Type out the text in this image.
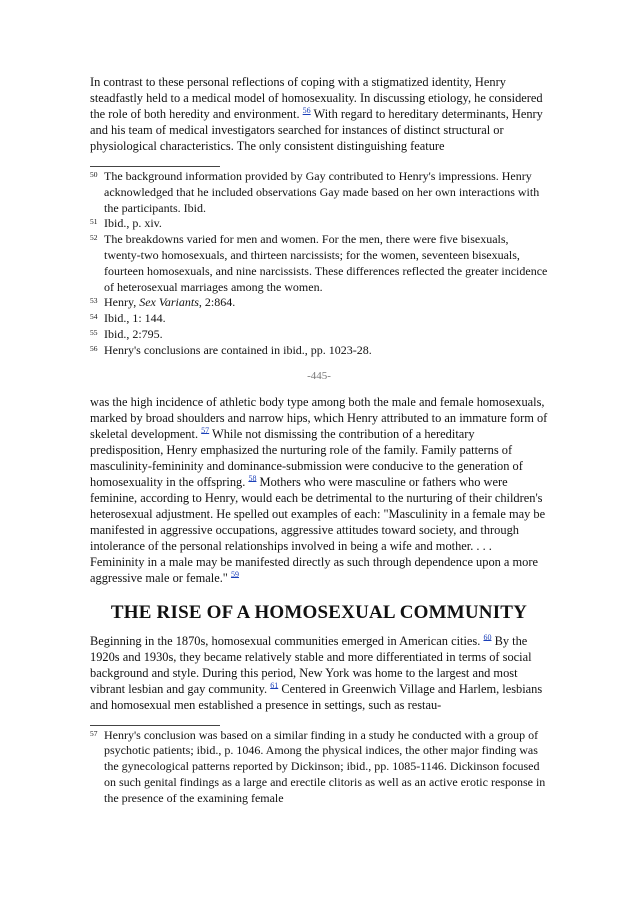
In contrast to these personal reflections of coping with a stigmatized identity, Henry steadfastly held to a medical model of homosexuality. In discussing etiology, he considered the role of both heredity and environment. $^{56}$ With regard to hereditary determinants, Henry and his team of medical investigators searched for instances of distinct structural or physiological characteristics. The only consistent distinguishing feature

50 The background information provided by Gay contributed to Henry's impressions. Henry acknowledged that he included observations Gay made based on her own interactions with the participants. Ibid.
51 Ibid., p. xiv.
52 The breakdowns varied for men and women. For the men, there were five bisexuals, twenty-two homosexuals, and thirteen narcissists; for the women, seventeen bisexuals, fourteen homosexuals, and nine narcissists. These differences reflected the greater incidence of heterosexual marriages among the women.
53 Henry, Sex Variants, 2:864.
54 Ibid., 1: 144.
55 Ibid., 2:795.
56 Henry's conclusions are contained in ibid., pp. 1023-28.
-445-

was the high incidence of athletic body type among both the male and female homosexuals, marked by broad shoulders and narrow hips, which Henry attributed to an immature form of skeletal development. $^{57}$ While not dismissing the contribution of a hereditary predisposition, Henry emphasized the nurturing role of the family. Family patterns of masculinity-femininity and dominance-submission were conducive to the generation of homosexuality in the offspring. $^{58}$ Mothers who were masculine or fathers who were feminine, according to Henry, would each be detrimental to the nurturing of their children's heterosexual adjustment. He spelled out examples of each: "Masculinity in a female may be manifested in aggressive occupations, aggressive attitudes toward society, and through intolerance of the personal relationships involved in being a wife and mother. . . . Femininity in a male may be manifested directly as such through dependence upon a more aggressive male or female." $^{59}$

THE RISE OF A HOMOSEXUAL COMMUNITY

Beginning in the 1870s, homosexual communities emerged in American cities. $^{60}$ By the 1920s and 1930s, they became relatively stable and more differentiated in terms of social background and style. During this period, New York was home to the largest and most vibrant lesbian and gay community. $^{61}$ Centered in Greenwich Village and Harlem, lesbians and homosexual men established a presence in settings, such as restau-

57 Henry's conclusion was based on a similar finding in a study he conducted with a group of psychotic patients; ibid., p. 1046. Among the physical indices, the other major finding was the gynecological patterns reported by Dickinson; ibid., pp. 1085-1146. Dickinson focused on such genital findings as a large and erectile clitoris as well as an active erotic response in the presence of the examining female
